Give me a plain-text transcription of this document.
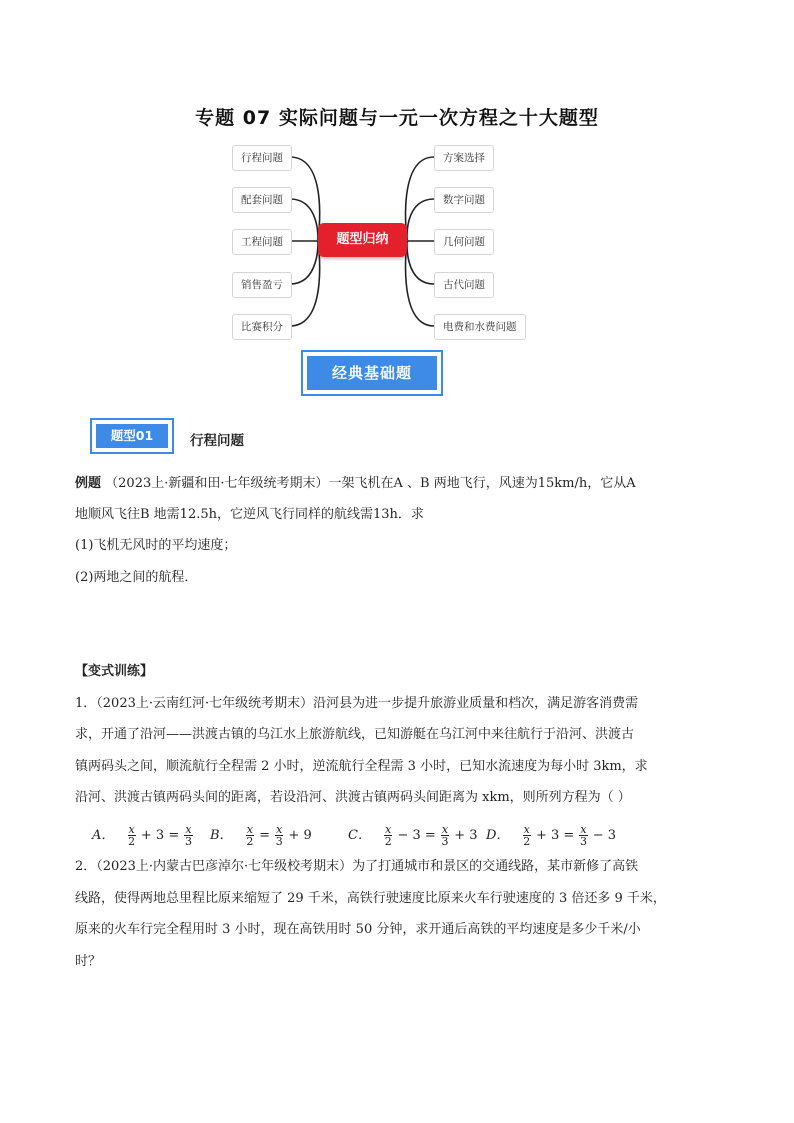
专题 07 实际问题与一元一次方程之十大题型
行程问题
配套问题
工程问题
销售盈亏
比赛积分
方案选择
数字问题
几何问题
古代问题
电费和水费问题
题型归纳
经典基础题
题型01	行程问题
例题 （2023上·新疆和田·七年级统考期末）一架飞机在A 、B 两地飞行，风速为15km/h，它从A
地顺风飞往B 地需12.5h，它逆风飞行同样的航线需13h．求
(1)飞机无风时的平均速度；
(2)两地之间的航程．
【变式训练】
1．（2023上·云南红河·七年级统考期末）沿河县为进一步提升旅游业质量和档次，满足游客消费需
求，开通了沿河——洪渡古镇的乌江水上旅游航线，已知游艇在乌江河中来往航行于沿河、洪渡古
镇两码头之间，顺流航行全程需 2 小时，逆流航行全程需 3 小时，已知水流速度为每小时 3km，求
沿河、洪渡古镇两码头间的距离，若设沿河、洪渡古镇两码头间距离为 xkm，则所列方程为（ ）
A． $\frac{x}{2} + 3 = \frac{x}{3}$ B． $\frac{x}{2} = \frac{x}{3} + 9$	C． $\frac{x}{2} - 3 = \frac{x}{3} + 3$ D． $\frac{x}{2} + 3 = \frac{x}{3} - 3$
2．（2023上·内蒙古巴彦淖尔·七年级校考期末）为了打通城市和景区的交通线路，某市新修了高铁
线路，使得两地总里程比原来缩短了 29 千米，高铁行驶速度比原来火车行驶速度的 3 倍还多 9 千米，
原来的火车行完全程用时 3 小时，现在高铁用时 50 分钟，求开通后高铁的平均速度是多少千米/小
时？
